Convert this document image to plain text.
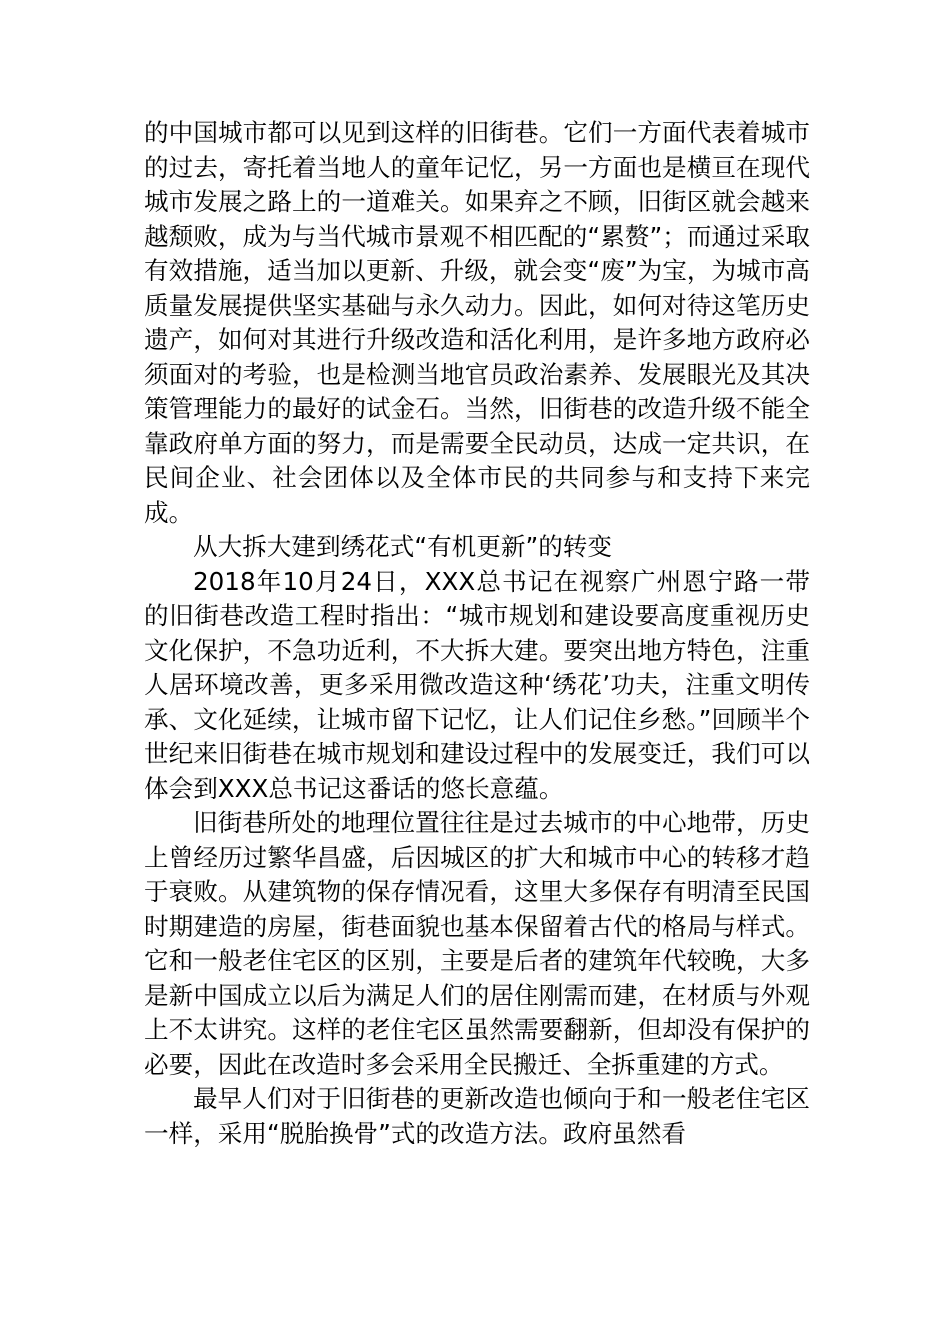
的中国城市都可以见到这样的旧街巷。它们一方面代表着城市的过去，寄托着当地人的童年记忆，另一方面也是横亘在现代城市发展之路上的一道难关。如果弃之不顾，旧街区就会越来越颓败，成为与当代城市景观不相匹配的“累赘”；而通过采取有效措施，适当加以更新、升级，就会变“废”为宝，为城市高质量发展提供坚实基础与永久动力。因此，如何对待这笔历史遗产，如何对其进行升级改造和活化利用，是许多地方政府必须面对的考验，也是检测当地官员政治素养、发展眼光及其决策管理能力的最好的试金石。当然，旧街巷的改造升级不能全靠政府单方面的努力，而是需要全民动员，达成一定共识，在民间企业、社会团体以及全体市民的共同参与和支持下来完成。

从大拆大建到绣花式“有机更新”的转变

2018年10月24日，XXX总书记在视察广州恩宁路一带的旧街巷改造工程时指出：“城市规划和建设要高度重视历史文化保护，不急功近利，不大拆大建。要突出地方特色，注重人居环境改善，更多采用微改造这种‘绣花’功夫，注重文明传承、文化延续，让城市留下记忆，让人们记住乡愁。”回顾半个世纪来旧街巷在城市规划和建设过程中的发展变迁，我们可以体会到XXX总书记这番话的悠长意蕴。

旧街巷所处的地理位置往往是过去城市的中心地带，历史上曾经历过繁华昌盛，后因城区的扩大和城市中心的转移才趋于衰败。从建筑物的保存情况看，这里大多保存有明清至民国时期建造的房屋，街巷面貌也基本保留着古代的格局与样式。它和一般老住宅区的区别，主要是后者的建筑年代较晚，大多是新中国成立以后为满足人们的居住刚需而建，在材质与外观上不太讲究。这样的老住宅区虽然需要翻新，但却没有保护的必要，因此在改造时多会采用全民搬迁、全拆重建的方式。

最早人们对于旧街巷的更新改造也倾向于和一般老住宅区一样，采用“脱胎换骨”式的改造方法。政府虽然看
